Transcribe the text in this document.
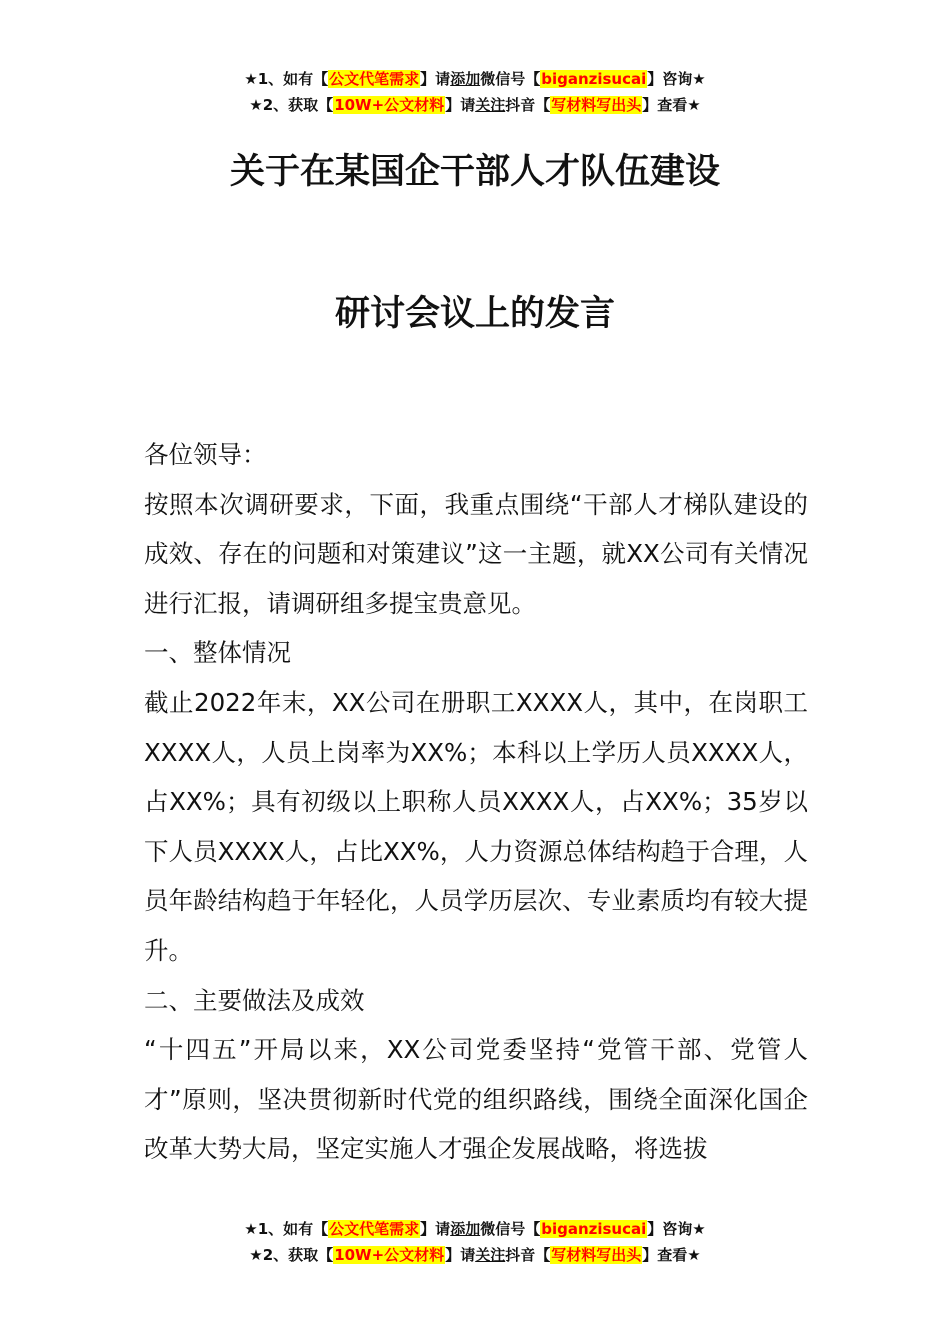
★1、如有【公文代笔需求】请添加微信号【biganzisucai】咨询★
★2、获取【10W+公文材料】请关注抖音【写材料写出头】查看★
关于在某国企干部人才队伍建设
研讨会议上的发言

各位领导：

按照本次调研要求，下面，我重点围绕“干部人才梯队建设的成效、存在的问题和对策建议”这一主题，就XX公司有关情况进行汇报，请调研组多提宝贵意见。

一、整体情况

截止2022年末，XX公司在册职工XXXX人，其中，在岗职工XXXX人，人员上岗率为XX%；本科以上学历人员XXXX人，占XX%；具有初级以上职称人员XXXX人，占XX%；35岁以下人员XXXX人，占比XX%，人力资源总体结构趋于合理，人员年龄结构趋于年轻化，人员学历层次、专业素质均有较大提升。

二、主要做法及成效

“十四五”开局以来，XX公司党委坚持“党管干部、党管人才”原则，坚决贯彻新时代党的组织路线，围绕全面深化国企改革大势大局，坚定实施人才强企发展战略，将选拔

★1、如有【公文代笔需求】请添加微信号【biganzisucai】咨询★
★2、获取【10W+公文材料】请关注抖音【写材料写出头】查看★
